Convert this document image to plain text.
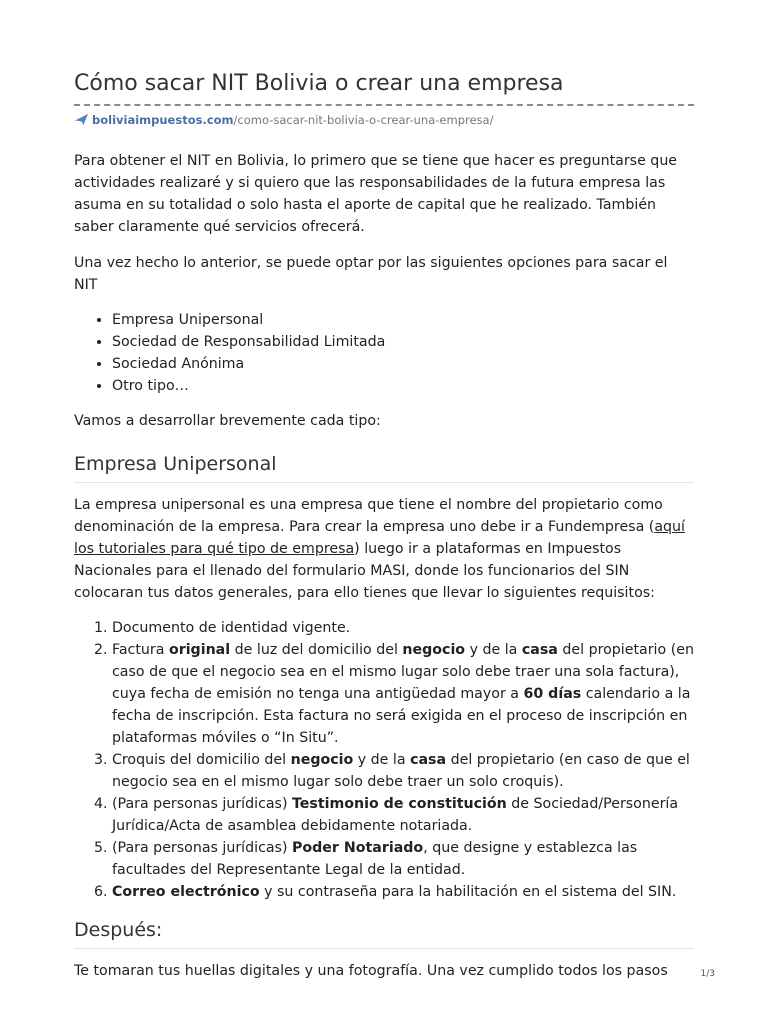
Cómo sacar NIT Bolivia o crear una empresa
boliviaimpuestos.com /como-sacar-nit-bolivia-o-crear-una-empresa/

Para obtener el NIT en Bolivia, lo primero que se tiene que hacer es preguntarse que actividades realizaré y si quiero que las responsabilidades de la futura empresa las asuma en su totalidad o solo hasta el aporte de capital que he realizado. También saber claramente qué servicios ofrecerá.

Una vez hecho lo anterior, se puede optar por las siguientes opciones para sacar el NIT

• Empresa Unipersonal
• Sociedad de Responsabilidad Limitada
• Sociedad Anónima
• Otro tipo…

Vamos a desarrollar brevemente cada tipo:

Empresa Unipersonal

La empresa unipersonal es una empresa que tiene el nombre del propietario como denominación de la empresa. Para crear la empresa uno debe ir a Fundempresa (aquí los tutoriales para qué tipo de empresa) luego ir a plataformas en Impuestos Nacionales para el llenado del formulario MASI, donde los funcionarios del SIN colocaran tus datos generales, para ello tienes que llevar lo siguientes requisitos:

1. Documento de identidad vigente.
2. Factura original de luz del domicilio del negocio y de la casa del propietario (en caso de que el negocio sea en el mismo lugar solo debe traer una sola factura), cuya fecha de emisión no tenga una antigüedad mayor a 60 días calendario a la fecha de inscripción. Esta factura no será exigida en el proceso de inscripción en plataformas móviles o “In Situ”.
3. Croquis del domicilio del negocio y de la casa del propietario (en caso de que el negocio sea en el mismo lugar solo debe traer un solo croquis).
4. (Para personas jurídicas) Testimonio de constitución de Sociedad/Personería Jurídica/Acta de asamblea debidamente notariada.
5. (Para personas jurídicas) Poder Notariado, que designe y establezca las facultades del Representante Legal de la entidad.
6. Correo electrónico y su contraseña para la habilitación en el sistema del SIN.
Después:

Te tomaran tus huellas digitales y una fotografía. Una vez cumplido todos los pasos	1/3
